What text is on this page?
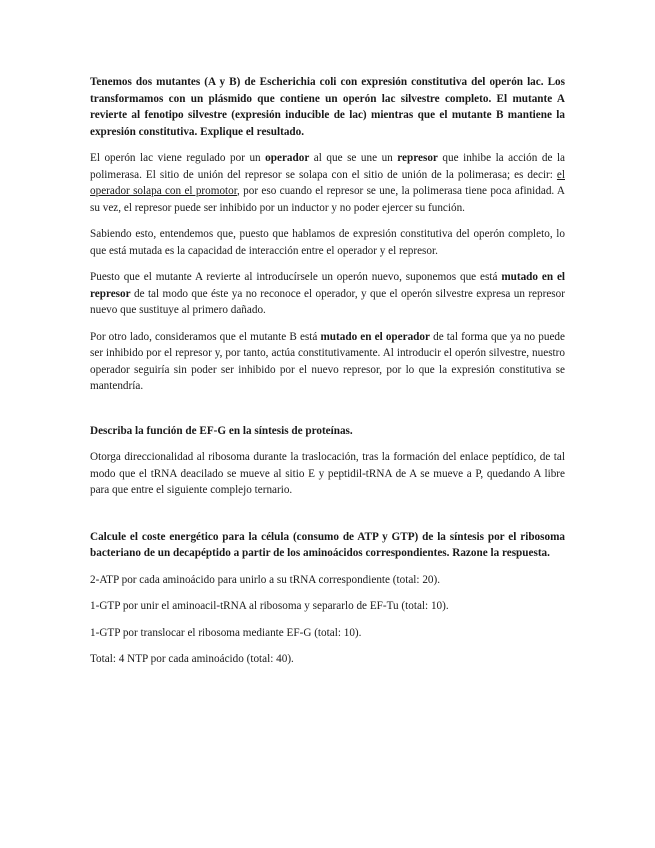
Tenemos dos mutantes (A y B) de Escherichia coli con expresión constitutiva del operón lac. Los transformamos con un plásmido que contiene un operón lac silvestre completo. El mutante A revierte al fenotipo silvestre (expresión inducible de lac) mientras que el mutante B mantiene la expresión constitutiva. Explique el resultado.

El operón lac viene regulado por un operador al que se une un represor que inhibe la acción de la polimerasa. El sitio de unión del represor se solapa con el sitio de unión de la polimerasa; es decir: el operador solapa con el promotor, por eso cuando el represor se une, la polimerasa tiene poca afinidad. A su vez, el represor puede ser inhibido por un inductor y no poder ejercer su función.

Sabiendo esto, entendemos que, puesto que hablamos de expresión constitutiva del operón completo, lo que está mutada es la capacidad de interacción entre el operador y el represor.

Puesto que el mutante A revierte al introducírsele un operón nuevo, suponemos que está mutado en el represor de tal modo que éste ya no reconoce el operador, y que el operón silvestre expresa un represor nuevo que sustituye al primero dañado.

Por otro lado, consideramos que el mutante B está mutado en el operador de tal forma que ya no puede ser inhibido por el represor y, por tanto, actúa constitutivamente. Al introducir el operón silvestre, nuestro operador seguiría sin poder ser inhibido por el nuevo represor, por lo que la expresión constitutiva se mantendría.

Describa la función de EF-G en la síntesis de proteínas.

Otorga direccionalidad al ribosoma durante la traslocación, tras la formación del enlace peptídico, de tal modo que el tRNA deacilado se mueve al sitio E y peptidil-tRNA de A se mueve a P, quedando A libre para que entre el siguiente complejo ternario.

Calcule el coste energético para la célula (consumo de ATP y GTP) de la síntesis por el ribosoma bacteriano de un decapéptido a partir de los aminoácidos correspondientes. Razone la respuesta.

2-ATP por cada aminoácido para unirlo a su tRNA correspondiente (total: 20).

1-GTP por unir el aminoacil-tRNA al ribosoma y separarlo de EF-Tu (total: 10).

1-GTP por translocar el ribosoma mediante EF-G (total: 10).

Total: 4 NTP por cada aminoácido (total: 40).
